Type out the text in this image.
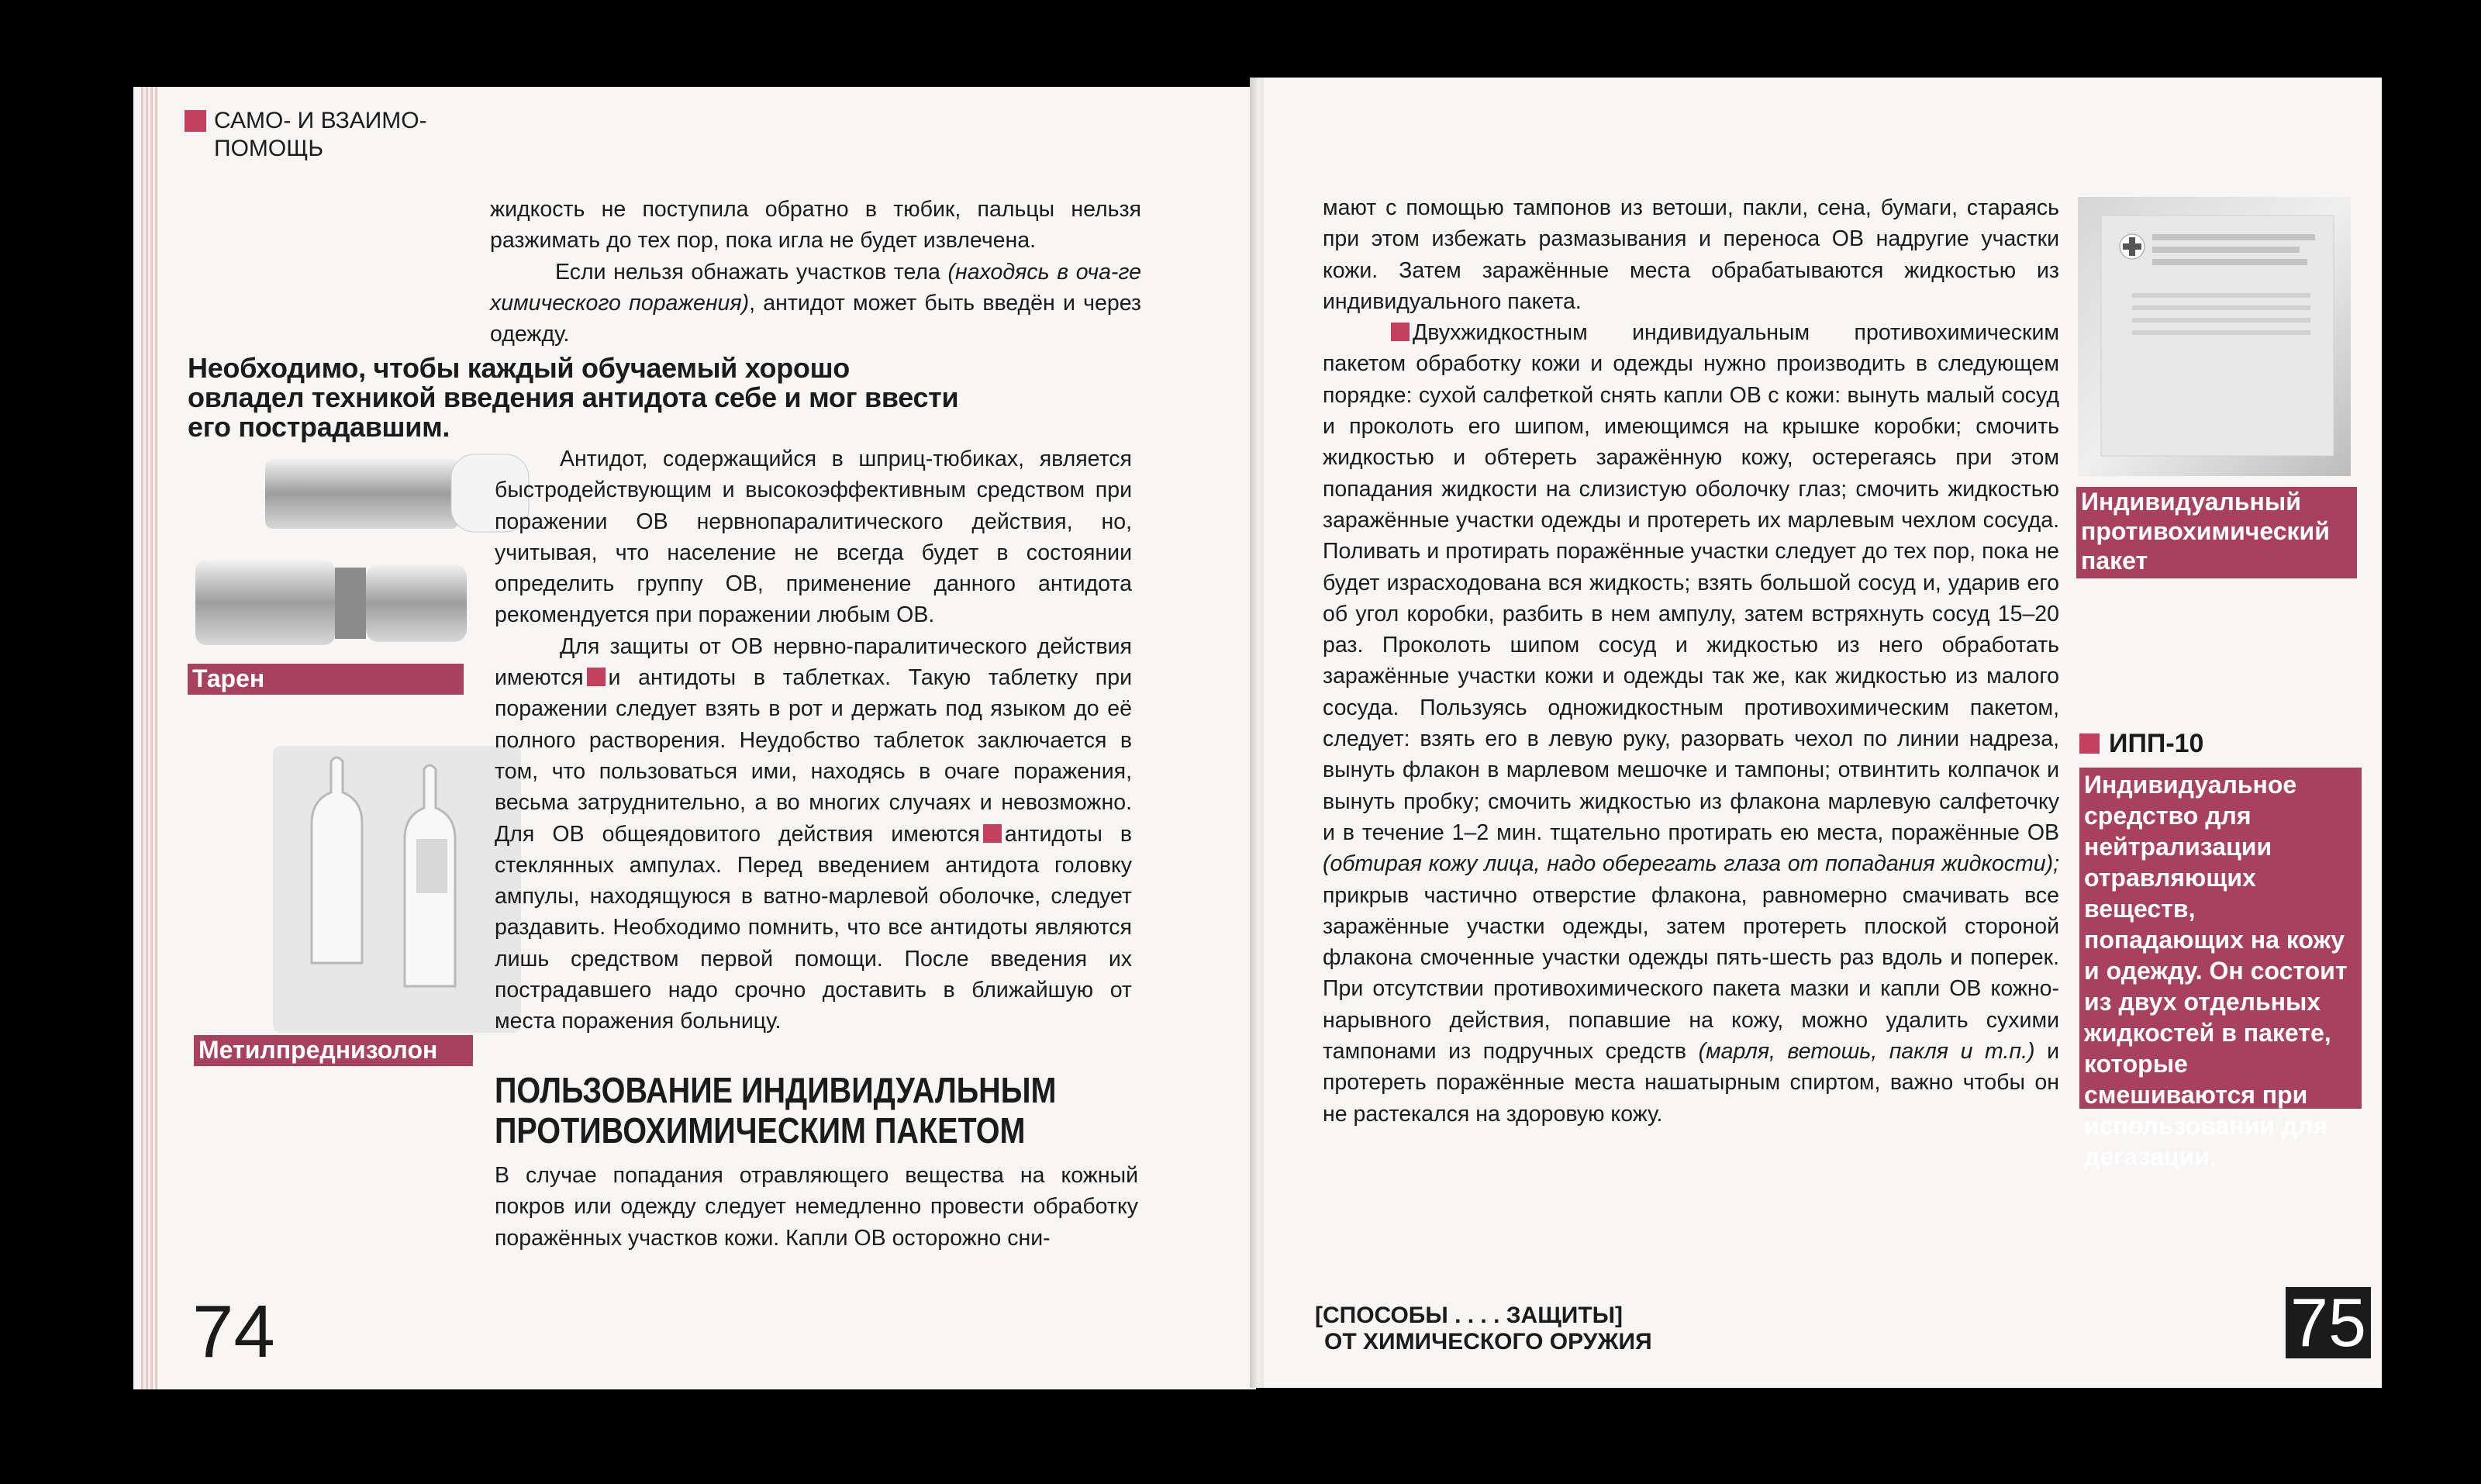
САМО- И ВЗАИМО-
ПОМОЩЬ

жидкость не поступила обратно в тюбик, пальцы нельзя разжимать до тех пор, пока игла не будет извлечена.

Если нельзя обнажать участков тела (находясь в оча-ге химического поражения), антидот может быть введён и через одежду.

Необходимо, чтобы каждый обучаемый хорошо овладел техникой введения антидота себе и мог ввести его пострадавшим.
Тарен
Метилпреднизолон

Антидот, содержащийся в шприц-тюбиках, является быстродействующим и высокоэффективным средством при поражении ОВ нервнопаралитического действия, но, учитывая, что население не всегда будет в состоянии определить группу ОВ, применение данного антидота рекомендуется при поражении любым ОВ.

Для защиты от ОВ нервно-паралитического действия имеются и антидоты в таблетках. Такую таблетку при поражении следует взять в рот и держать под языком до её полного растворения. Неудобство таблеток заключается в том, что пользоваться ими, находясь в очаге поражения, весьма затруднительно, а во многих случаях и невозможно. Для ОВ общеядовитого действия имеются антидоты в стеклянных ампулах. Перед введением антидота головку ампулы, находящуюся в ватно-марлевой оболочке, следует раздавить. Необходимо помнить, что все антидоты являются лишь средством первой помощи. После введения их пострадавшего надо срочно доставить в ближайшую от места поражения больницу.

ПОЛЬЗОВАНИЕ ИНДИВИДУАЛЬНЫМ
ПРОТИВОХИМИЧЕСКИМ ПАКЕТОМ

В случае попадания отравляющего вещества на кожный покров или одежду следует немедленно провести обработку поражённых участков кожи. Капли ОВ осторожно сни-

74

мают с помощью тампонов из ветоши, пакли, сена, бумаги, стараясь при этом избежать размазывания и переноса ОВ надругие участки кожи. Затем заражённые места обрабатываются жидкостью из индивидуального пакета.

Двухжидкостным индивидуальным противохимическим пакетом обработку кожи и одежды нужно производить в следующем порядке: сухой салфеткой снять капли ОВ с кожи: вынуть малый сосуд и проколоть его шипом, имеющимся на крышке коробки; смочить жидкостью и обтереть заражённую кожу, остерегаясь при этом попадания жидкости на слизистую оболочку глаз; смочить жидкостью заражённые участки одежды и протереть их марлевым чехлом сосуда. Поливать и протирать поражённые участки следует до тех пор, пока не будет израсходована вся жидкость; взять большой сосуд и, ударив его об угол коробки, разбить в нем ампулу, затем встряхнуть сосуд 15–20 раз. Проколоть шипом сосуд и жидкостью из него обработать заражённые участки кожи и одежды так же, как жидкостью из малого сосуда. Пользуясь одножидкостным противохимическим пакетом, следует: взять его в левую руку, разорвать чехол по линии надреза, вынуть флакон в марлевом мешочке и тампоны; отвинтить колпачок и вынуть пробку; смочить жидкостью из флакона марлевую салфеточку и в течение 1–2 мин. тщательно протирать ею места, поражённые ОВ (обтирая кожу лица, надо оберегать глаза от попадания жидкости); прикрыв частично отверстие флакона, равномерно смачивать все заражённые участки одежды, затем протереть плоской стороной флакона смоченные участки одежды пять-шесть раз вдоль и поперек. При отсутствии противохимического пакета мазки и капли ОВ кожно-нарывного действия, попавшие на кожу, можно удалить сухими тампонами из подручных средств (марля, ветошь, пакля и т.п.) и протереть поражённые места нашатырным спиртом, важно чтобы он не растекался на здоровую кожу.

Индивидуальный противохимический пакет
ИПП-10
Индивидуальное средство для нейтрализации отравляющих веществ, попадающих на кожу и одежду. Он состоит из двух отдельных жидкостей в пакете, которые смешиваются при использовании для дегазации.
[СПОСОБЫ . . . . ЗАЩИТЫ]
ОТ ХИМИЧЕСКОГО ОРУЖИЯ	75
